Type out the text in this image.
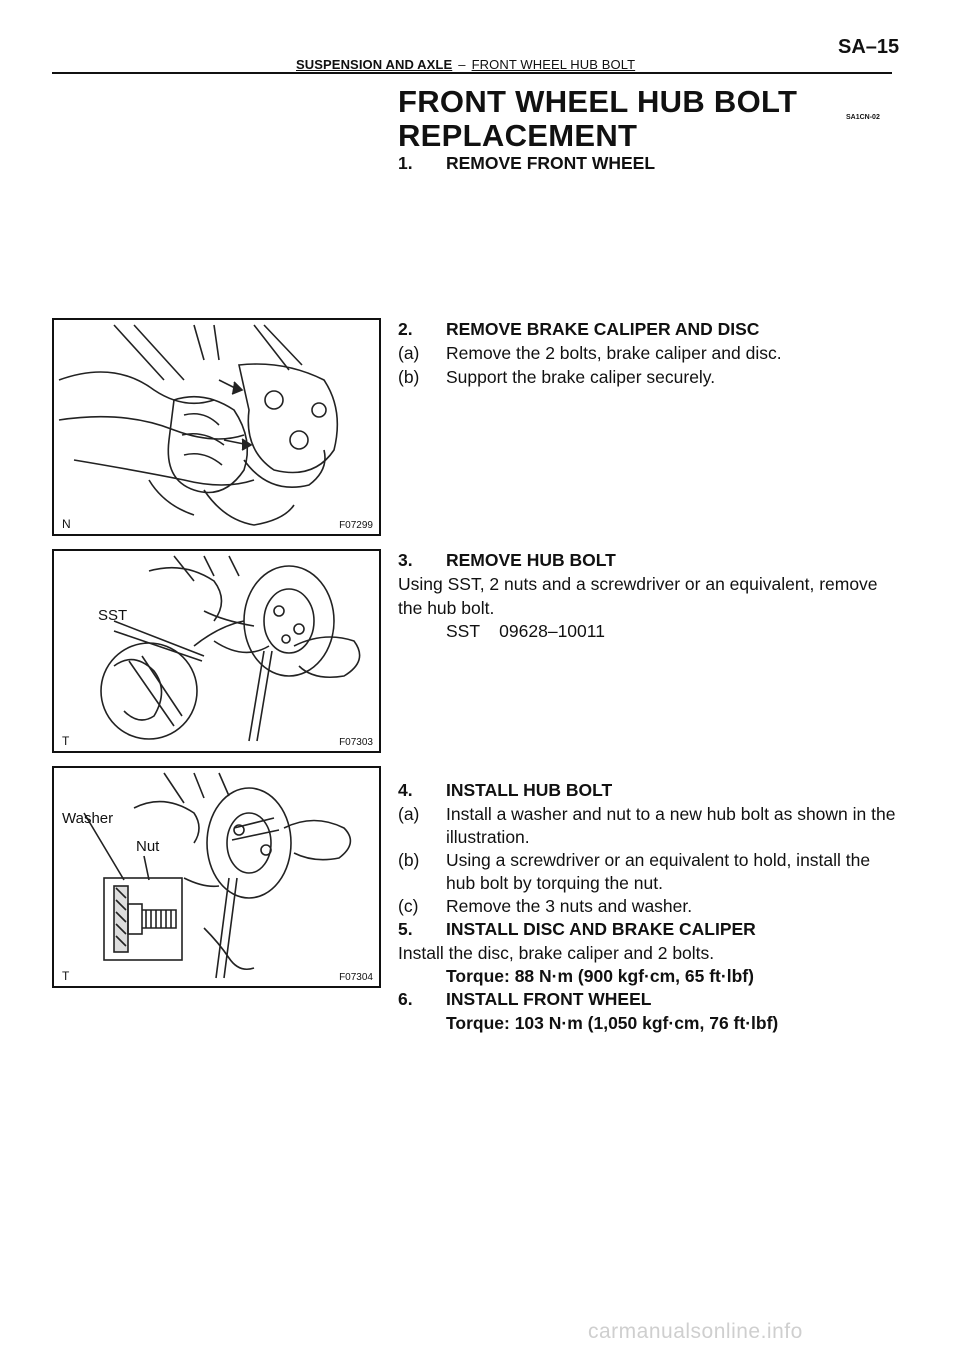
SA–15
SUSPENSION AND AXLE – FRONT WHEEL HUB BOLT
FRONT WHEEL HUB BOLT
REPLACEMENT
SA1CN-02
1. REMOVE FRONT WHEEL
N	F07299
2. REMOVE BRAKE CALIPER AND DISC
(a) Remove the 2 bolts, brake caliper and disc.
(b) Support the brake caliper securely.
SST
T	F07303
3. REMOVE HUB BOLT
Using SST, 2 nuts and a screwdriver or an equivalent, remove
the hub bolt.
SST    09628–10011
Washer
Nut
T	F07304
4. INSTALL HUB BOLT
(a) Install a washer and nut to a new hub bolt as shown in the
illustration.
(b) Using a screwdriver or an equivalent to hold, install the
hub bolt by torquing the nut.
(c) Remove the 3 nuts and washer.
5. INSTALL DISC AND BRAKE CALIPER
Install the disc, brake caliper and 2 bolts.
Torque: 88 N·m (900 kgf·cm, 65 ft·lbf)
6. INSTALL FRONT WHEEL
Torque: 103 N·m (1,050 kgf·cm, 76 ft·lbf)
carmanualsonline.info
